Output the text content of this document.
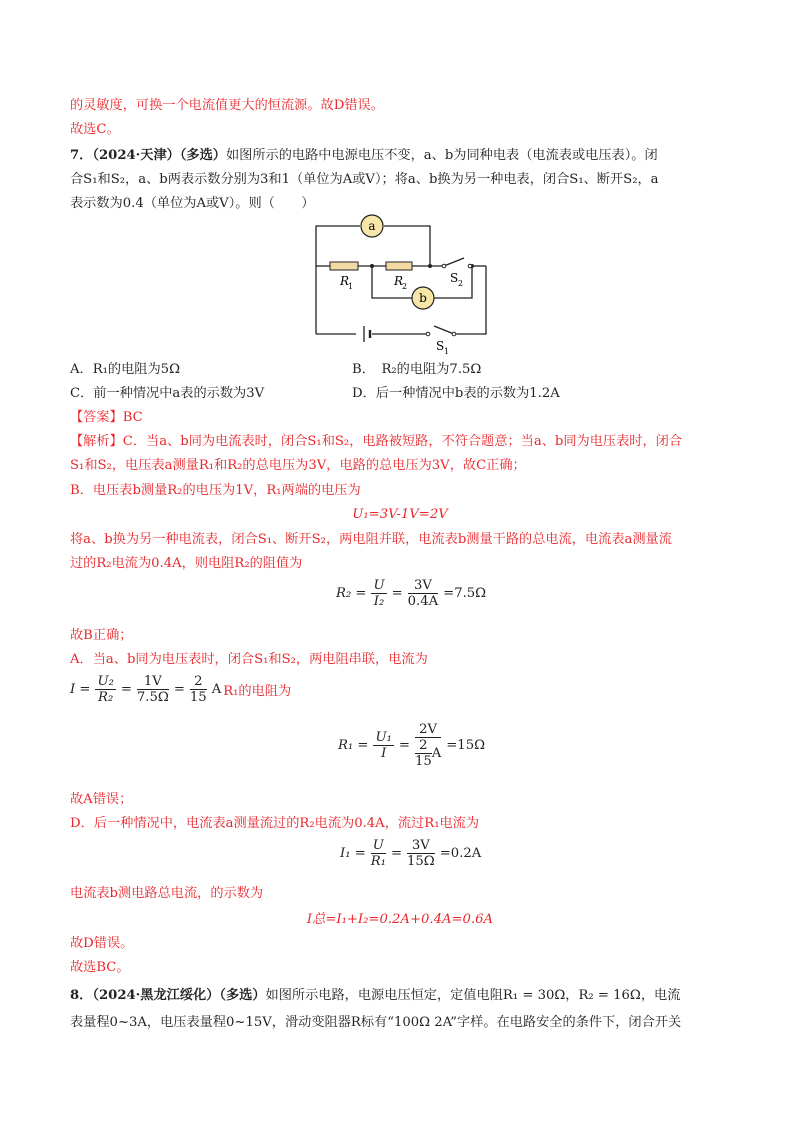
的灵敏度，可换一个电流值更大的恒流源。故D错误。
故选C。
7．（2024·天津）（多选）如图所示的电路中电源电压不变，a、b为同种电表（电流表或电压表）。闭
合S₁和S₂，a、b两表示数分别为3和1（单位为A或V）；将a、b换为另一种电表，闭合S₁、断开S₂，a
表示数为0.4（单位为A或V）。则（　　）
a
b
R
1	R
2
S 2
S 1
A．R₁的电阻为5Ω	B．　R₂的电阻为7.5Ω
C．前一种情况中a表的示数为3V	D．后一种情况中b表的示数为1.2A
【答案】BC
【解析】C．当a、b同为电流表时，闭合S₁和S₂，电路被短路，不符合题意；当a、b同为电压表时，闭合
S₁和S₂，电压表a测量R₁和R₂的总电压为3V，电路的总电压为3V，故C正确；
B．电压表b测量R₂的电压为1V，R₁两端的电压为
U₁=3V-1V=2V
将a、b换为另一种电流表，闭合S₁、断开S₂，两电阻并联，电流表b测量干路的总电流，电流表a测量流
过的R₂电流为0.4A，则电阻R₂的阻值为
$R_2 = \frac{U}{\text{I₂}} = \frac{3V}{0.4A} =7.5\Omega$
故B正确；
A．当a、b同为电压表时，闭合S₁和S₂，两电阻串联，电流为
$I = \frac{\text{U₂}}{\text{R₂}} = \frac{1V}{7.5\Omega} = \frac{2}{15}$ A R₁的电阻为
$R_1 = \frac{\text{U₁}}{I} = \frac{2V}{\frac{2}{15} A} =15\Omega$
故A错误；
D．后一种情况中，电流表a测量流过的R₂电流为0.4A，流过R₁电流为
$I_1 = \frac{U}{\text{R₁}} = \frac{3V}{15\Omega} =0.2A$
电流表b测电路总电流，的示数为
I总=I₁+I₂=0.2A+0.4A=0.6A
故D错误。
故选BC。
8．（2024·黑龙江绥化）（多选）如图所示电路，电源电压恒定，定值电阻R₁ = 30Ω，R₂ = 16Ω，电流
表量程0~3A，电压表量程0~15V，滑动变阻器R标有“100Ω 2A”字样。在电路安全的条件下，闭合开关
